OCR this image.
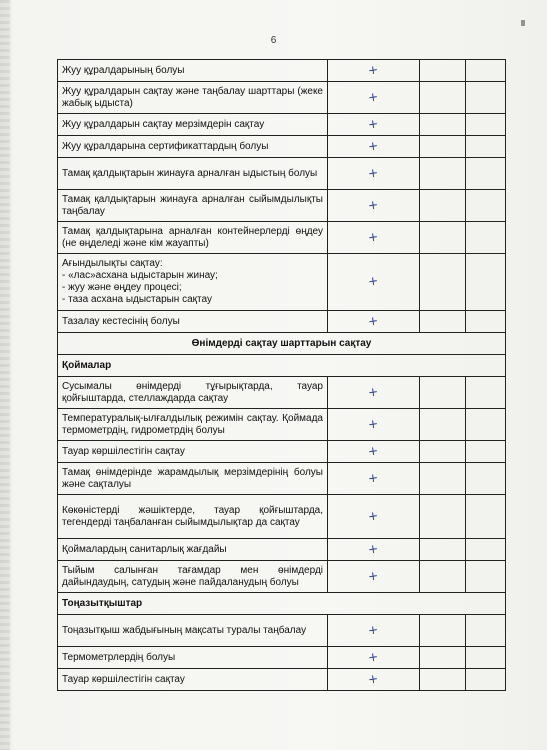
6
Жуу құралдарының болуы	+		
Жуу құралдарын сақтау және таңбалау шарттары (жеке жабық ыдыста)	+		
Жуу құралдарын сақтау мерзімдерін сақтау	+		
Жуу құралдарына сертификаттардың болуы	+		
Тамақ қалдықтарын жинауға арналған ыдыстың болуы	+		
Тамақ қалдықтарын жинауға арналған сыйымдылықты таңбалау	+		
Тамақ қалдықтарына арналған контейнерлерді өңдеу (не өңделеді және кім жауапты)	+		

Ағындылықты сақтау:
- «лас»асхана ыдыстарын жинау;
- жуу және өңдеу процесі;
- таза асхана ыдыстарын сақтау	+		
Тазалау кестесінің болуы	+		
Өнімдерді сақтау шарттарын сақтау			
Қоймалар			
Сусымалы өнімдерді тұғырықтарда, тауар қойғыштарда, стеллаждарда сақтау	+		
Температуралық-ылғалдылық режимін сақтау. Қоймада термометрдің, гидрометрдің болуы	+		
Тауар көршілестігін сақтау	+		
Тамақ өнімдерінде жарамдылық мерзімдерінің болуы және сақталуы	+		
Көкөністерді жәшіктерде, тауар қойғыштарда, тегендерді таңбаланған сыйымдылықтар да сақтау	+		
Қоймалардың санитарлық жағдайы	+		
Тыйым салынған тағамдар мен өнімдерді дайындаудың, сатудың және пайдаланудың болуы	+		
Тоңазытқыштар			
Тоңазытқыш жабдығының мақсаты туралы таңбалау	+		
Термометрлердің болуы	+		
Тауар көршілестігін сақтау	+		
